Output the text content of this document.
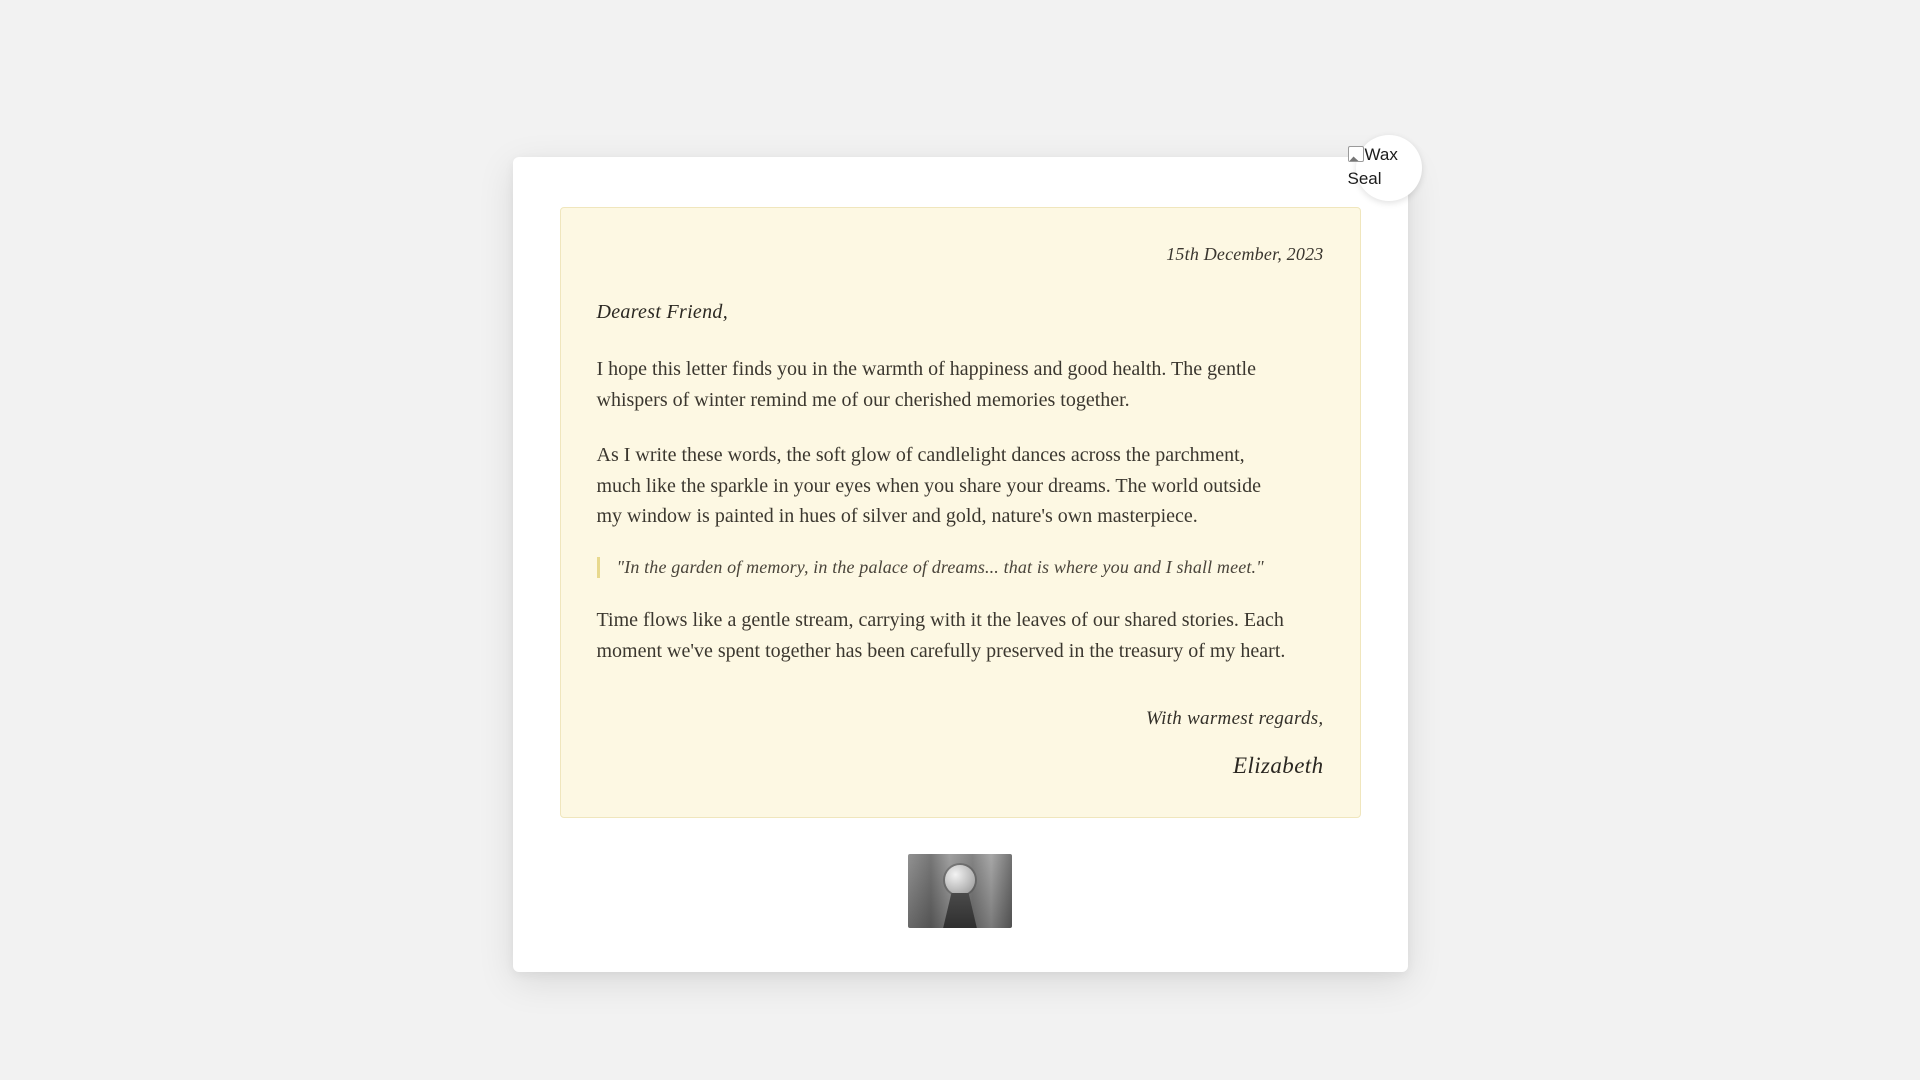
Wax Seal

15th December, 2023

Dearest Friend,

I hope this letter finds you in the warmth of happiness and good health. The gentle whispers of winter remind me of our cherished memories together.

As I write these words, the soft glow of candlelight dances across the parchment, much like the sparkle in your eyes when you share your dreams. The world outside my window is painted in hues of silver and gold, nature's own masterpiece.

"In the garden of memory, in the palace of dreams... that is where you and I shall meet."

Time flows like a gentle stream, carrying with it the leaves of our shared stories. Each moment we've spent together has been carefully preserved in the treasury of my heart.

With warmest regards,

Elizabeth
